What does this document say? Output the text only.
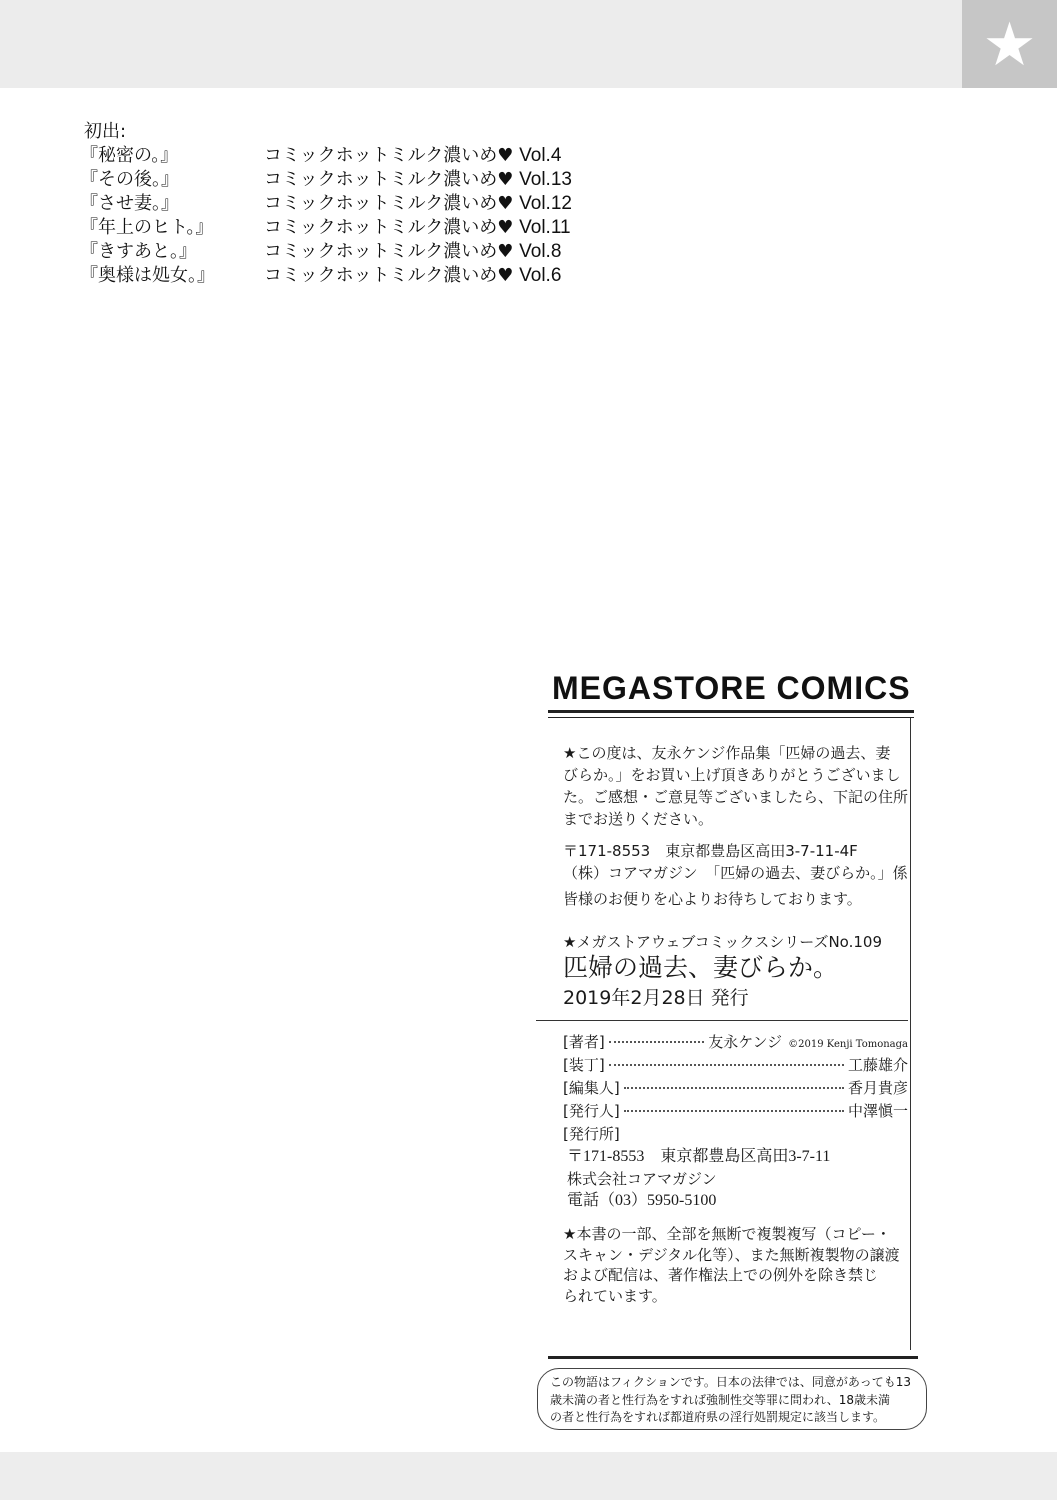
★
初出:
『秘密の。』	コミックホットミルク濃いめ♥ Vol.4
『その後。』	コミックホットミルク濃いめ♥ Vol.13
『させ妻。』	コミックホットミルク濃いめ♥ Vol.12
『年上のヒト。』	コミックホットミルク濃いめ♥ Vol.11
『きすあと。』	コミックホットミルク濃いめ♥ Vol.8
『奥様は処女。』	コミックホットミルク濃いめ♥ Vol.6
MEGASTORE COMICS
★この度は、友永ケンジ作品集「匹婦の過去、妻
びらか。」をお買い上げ頂きありがとうございまし
た。ご感想・ご意見等ございましたら、下記の住所
までお送りください。
〒171-8553　東京都豊島区高田3-7-11-4F
（株）コアマガジン　「匹婦の過去、妻びらか。」係
皆様のお便りを心よりお待ちしております。
★メガストアウェブコミックスシリーズNo.109
匹婦の過去、妻びらか。
2019年2月28日 発行
[著者]	友永ケンジ ©2019 Kenji Tomonaga
[装丁]	工藤雄介
[編集人]	香月貴彦
[発行人]	中澤愼一
[発行所]
〒171-8553　東京都豊島区高田3-7-11
株式会社コアマガジン
電話（03）5950-5100
★本書の一部、全部を無断で複製複写（コピー・
スキャン・デジタル化等）、また無断複製物の譲渡
および配信は、著作権法上での例外を除き禁じ
られています。
この物語はフィクションです。日本の法律では、同意があっても13
歳未満の者と性行為をすれば強制性交等罪に問われ、18歳未満
の者と性行為をすれば都道府県の淫行処罰規定に該当します。
